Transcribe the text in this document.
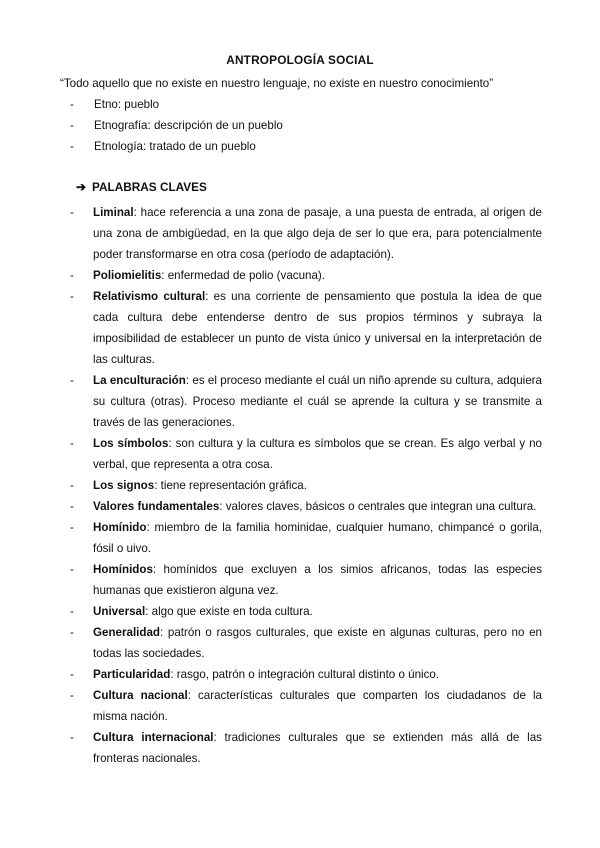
ANTROPOLOGÍA SOCIAL
“Todo aquello que no existe en nuestro lenguaje, no existe en nuestro conocimiento”
-	Etno: pueblo
-	Etnografía: descripción de un pueblo
-	Etnología: tratado de un pueblo
➔ PALABRAS CLAVES
-	Liminal: hace referencia a una zona de pasaje, a una puesta de entrada, al origen de una zona de ambigüedad, en la que algo deja de ser lo que era, para potencialmente poder transformarse en otra cosa (período de adaptación).
-	Poliomielitis: enfermedad de polio (vacuna).
-	Relativismo cultural: es una corriente de pensamiento que postula la idea de que cada cultura debe entenderse dentro de sus propios términos y subraya la imposibilidad de establecer un punto de vista único y universal en la interpretación de las culturas.
-	La enculturación: es el proceso mediante el cuál un niño aprende su cultura, adquiera su cultura (otras). Proceso mediante el cuál se aprende la cultura y se transmite a través de las generaciones.
-	Los símbolos: son cultura y la cultura es símbolos que se crean. Es algo verbal y no verbal, que representa a otra cosa.
-	Los signos: tiene representación gráfica.
-	Valores fundamentales: valores claves, básicos o centrales que integran una cultura.
-	Homínido: miembro de la familia hominidae, cualquier humano, chimpancé o gorila, fósil o uivo.
-	Homínidos: homínidos que excluyen a los simios africanos, todas las especies humanas que existieron alguna vez.
-	Universal: algo que existe en toda cultura.
-	Generalidad: patrón o rasgos culturales, que existe en algunas culturas, pero no en todas las sociedades.
-	Particularidad: rasgo, patrón o integración cultural distinto o único.
-	Cultura nacional: características culturales que comparten los ciudadanos de la misma nación.
-	Cultura internacional: tradiciones culturales que se extienden más allá de las fronteras nacionales.
